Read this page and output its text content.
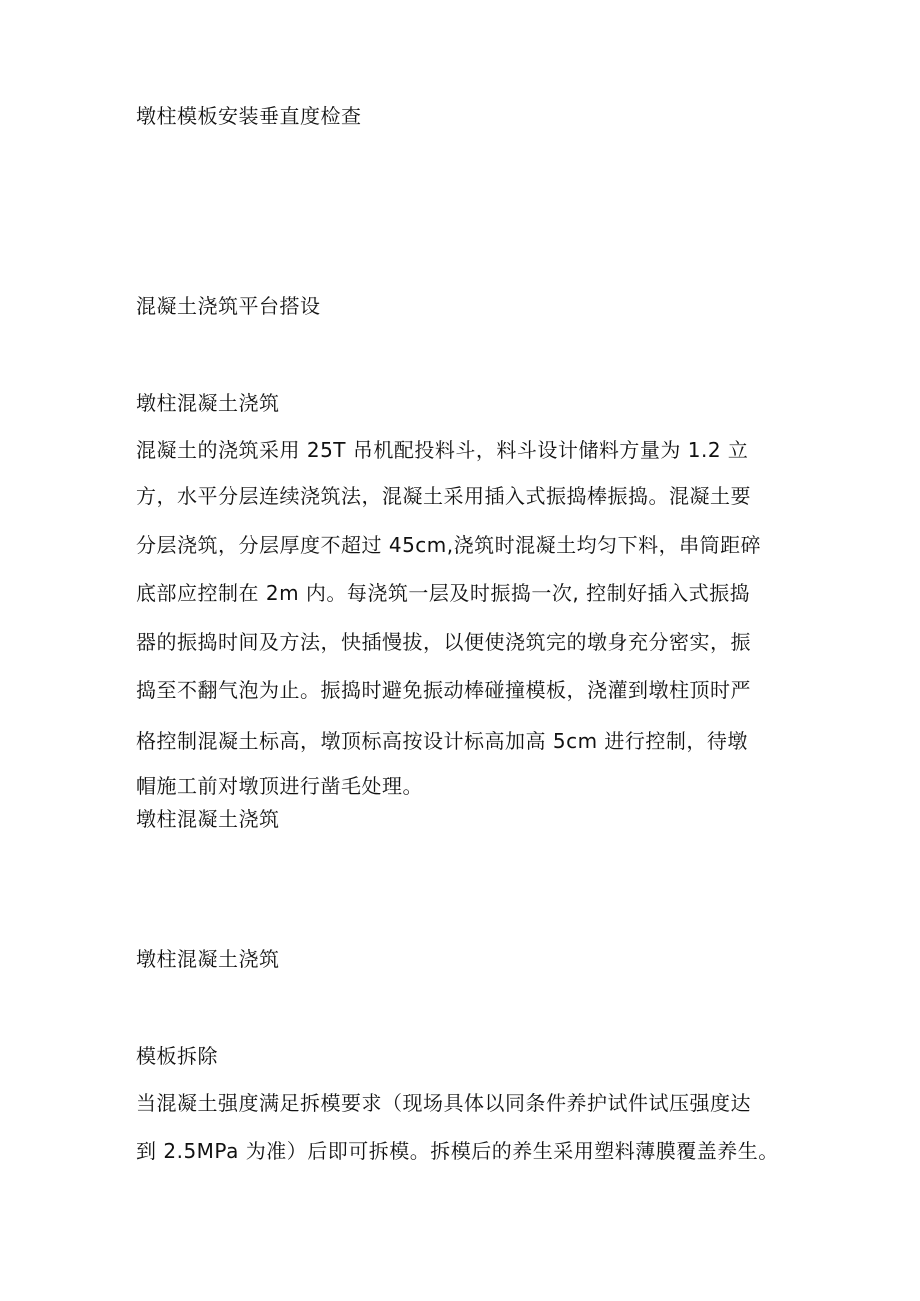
墩柱模板安装垂直度检查
混凝土浇筑平台搭设
墩柱混凝土浇筑
混凝土的浇筑采用 25T 吊机配投料斗，料斗设计储料方量为 1.2 立
方，水平分层连续浇筑法，混凝土采用插入式振捣棒振捣。混凝土要
分层浇筑，分层厚度不超过 45cm,浇筑时混凝土均匀下料，串筒距碎
底部应控制在 2m 内。每浇筑一层及时振捣一次, 控制好插入式振捣
器的振捣时间及方法，快插慢拔，以便使浇筑完的墩身充分密实，振
捣至不翻气泡为止。振捣时避免振动棒碰撞模板，浇灌到墩柱顶时严
格控制混凝土标高，墩顶标高按设计标高加高 5cm 进行控制，待墩
帽施工前对墩顶进行凿毛处理。
墩柱混凝土浇筑
墩柱混凝土浇筑
模板拆除
当混凝土强度满足拆模要求（现场具体以同条件养护试件试压强度达
到 2.5MPa 为准）后即可拆模。拆模后的养生采用塑料薄膜覆盖养生。
